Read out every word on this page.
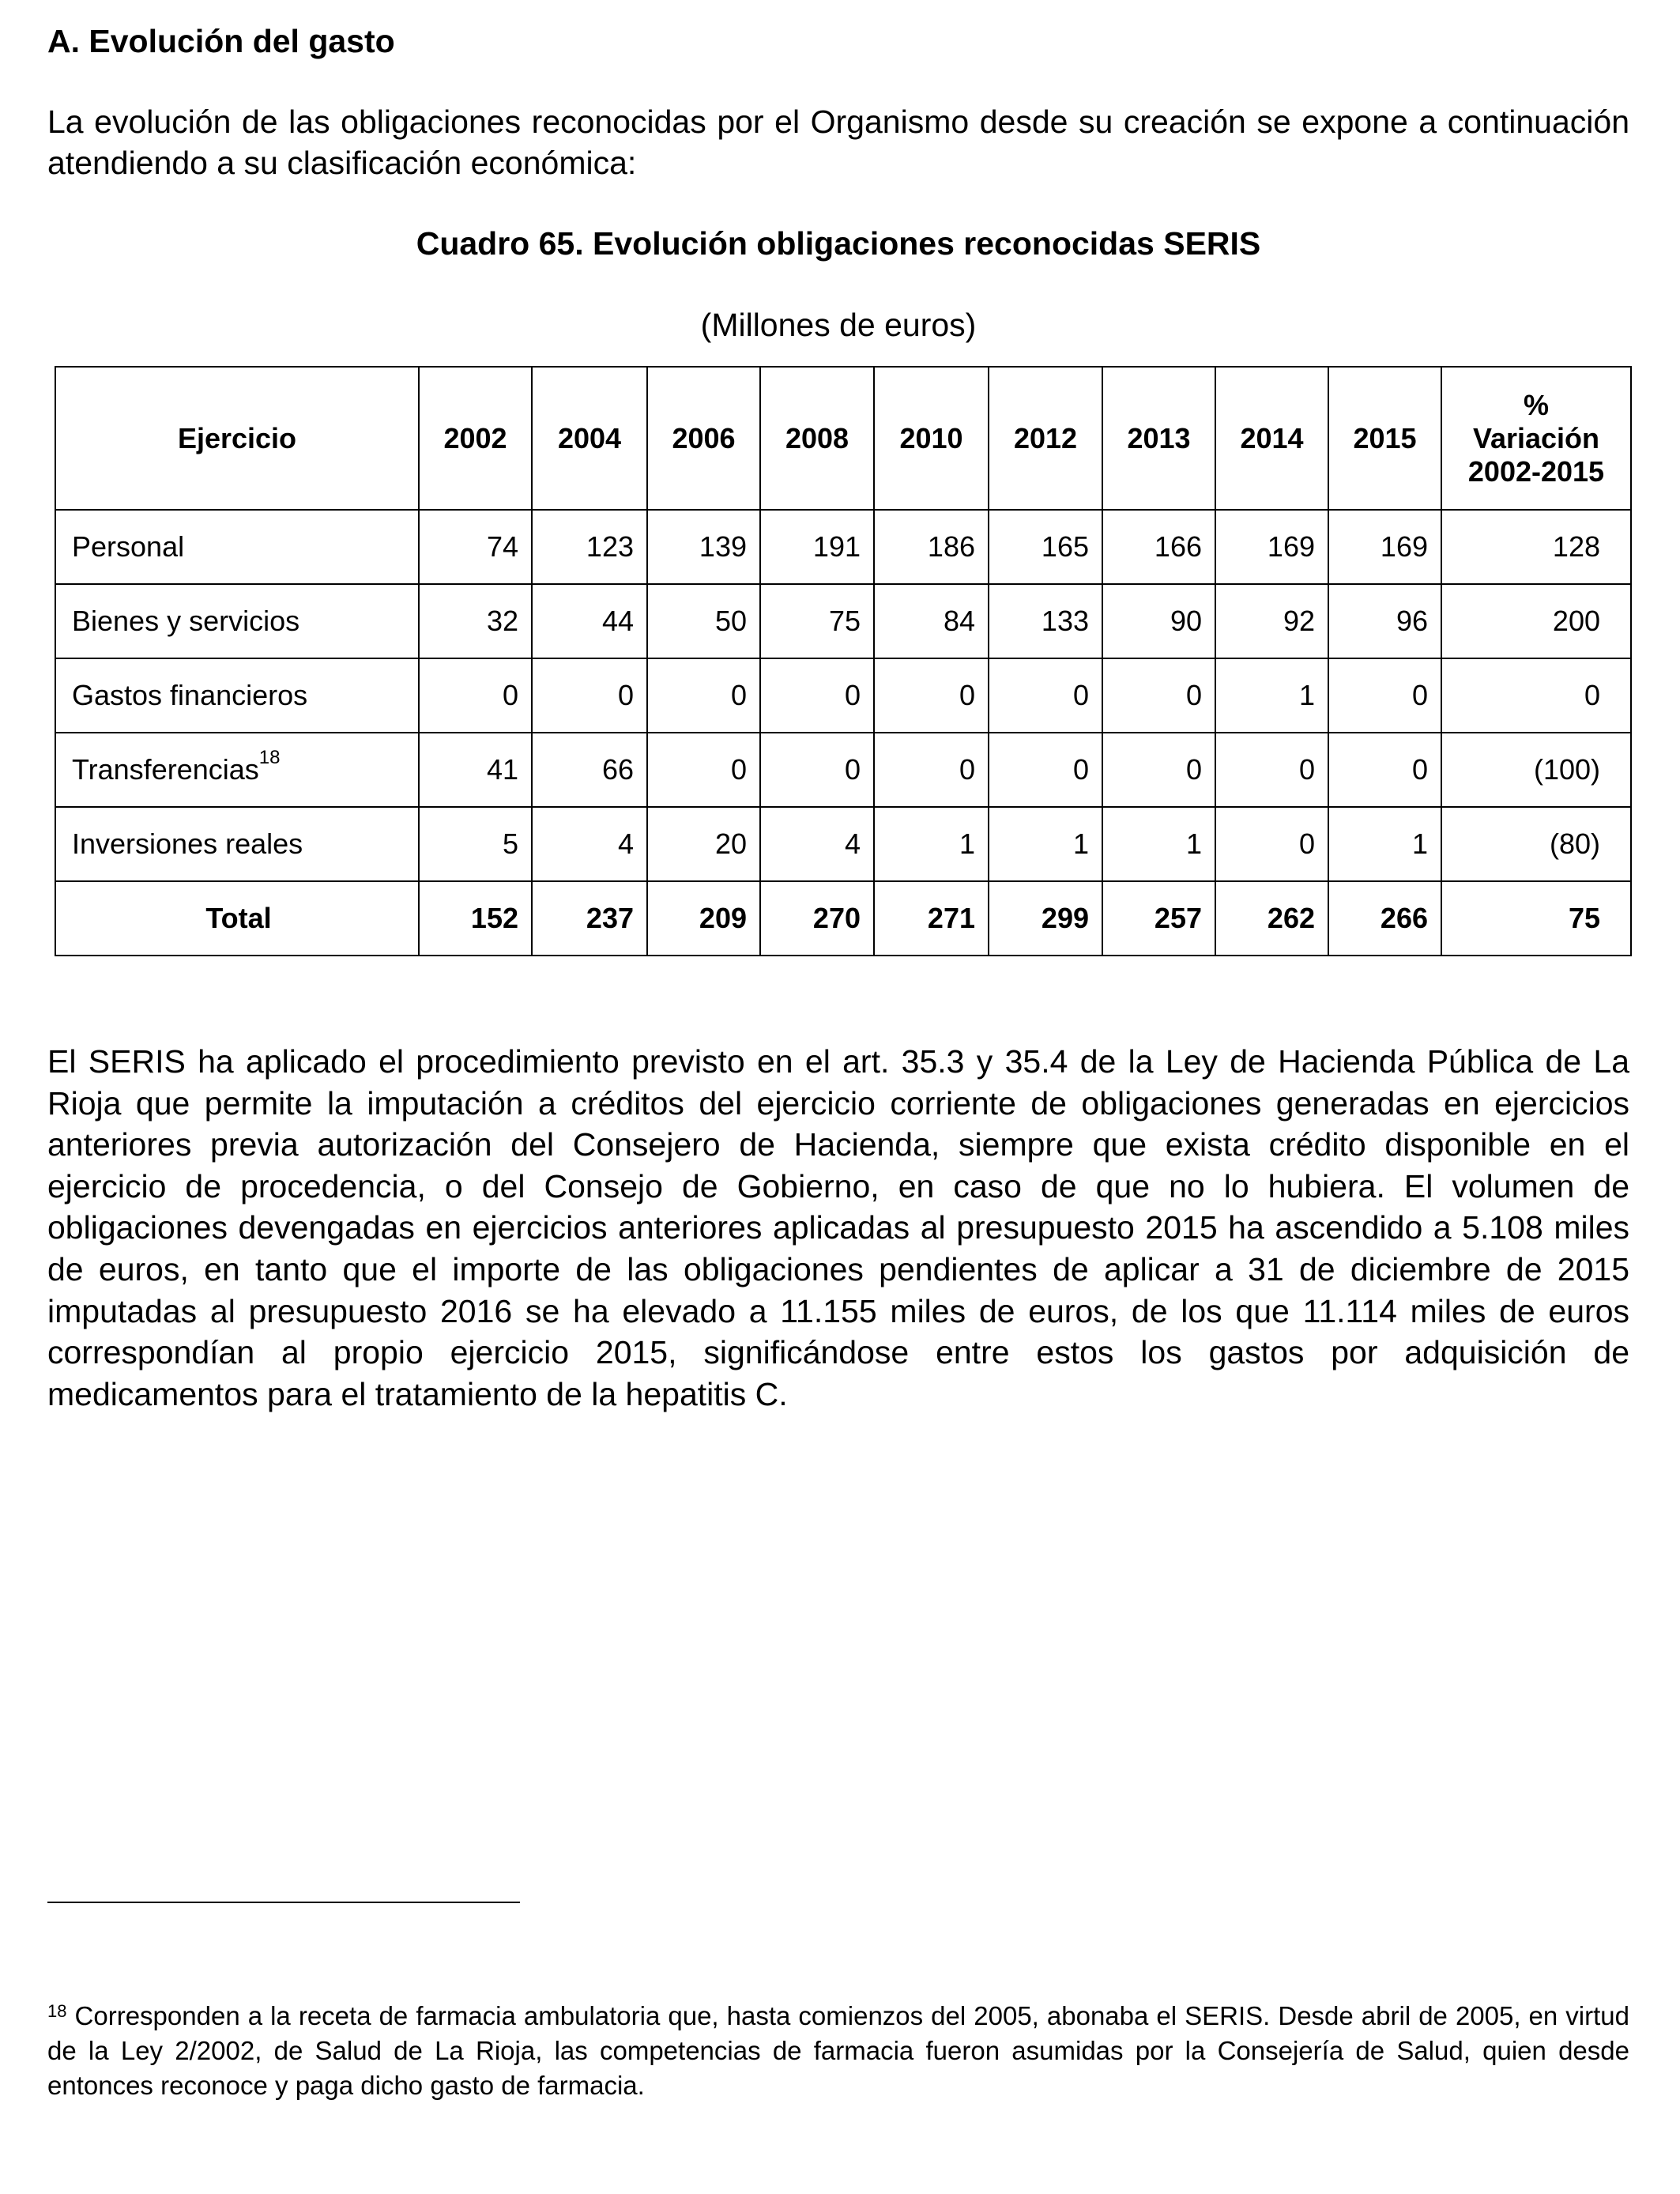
A. Evolución del gasto

La evolución de las obligaciones reconocidas por el Organismo desde su creación se expone a continuación atendiendo a su clasificación económica:

Cuadro 65. Evolución obligaciones reconocidas SERIS

(Millones de euros)

Ejercicio	2002	2004	2006	2008	2010	2012	2013	2014	2015	%
Variación
2002-2015
Personal	74	123	139	191	186	165	166	169	169	128
Bienes y servicios	32	44	50	75	84	133	90	92	96	200
Gastos financieros	0	0	0	0	0	0	0	1	0	0
Transferencias$^{18}$	41	66	0	0	0	0	0	0	0	(100)
Inversiones reales	5	4	20	4	1	1	1	0	1	(80)
Total	152	237	209	270	271	299	257	262	266	75

El SERIS ha aplicado el procedimiento previsto en el art. 35.3 y 35.4 de la Ley de Hacienda Pública de La Rioja que permite la imputación a créditos del ejercicio corriente de obligaciones generadas en ejercicios anteriores previa autorización del Consejero de Hacienda, siempre que exista crédito disponible en el ejercicio de procedencia, o del Consejo de Gobierno, en caso de que no lo hubiera. El volumen de obligaciones devengadas en ejercicios anteriores aplicadas al presupuesto 2015 ha ascendido a 5.108 miles de euros, en tanto que el importe de las obligaciones pendientes de aplicar a 31 de diciembre de 2015 imputadas al presupuesto 2016 se ha elevado a 11.155 miles de euros, de los que 11.114 miles de euros correspondían al propio ejercicio 2015, significándose entre estos los gastos por adquisición de medicamentos para el tratamiento de la hepatitis C.

$^{18}$ Corresponden a la receta de farmacia ambulatoria que, hasta comienzos del 2005, abonaba el SERIS. Desde abril de 2005, en virtud de la Ley 2/2002, de Salud de La Rioja, las competencias de farmacia fueron asumidas por la Consejería de Salud, quien desde entonces reconoce y paga dicho gasto de farmacia.
